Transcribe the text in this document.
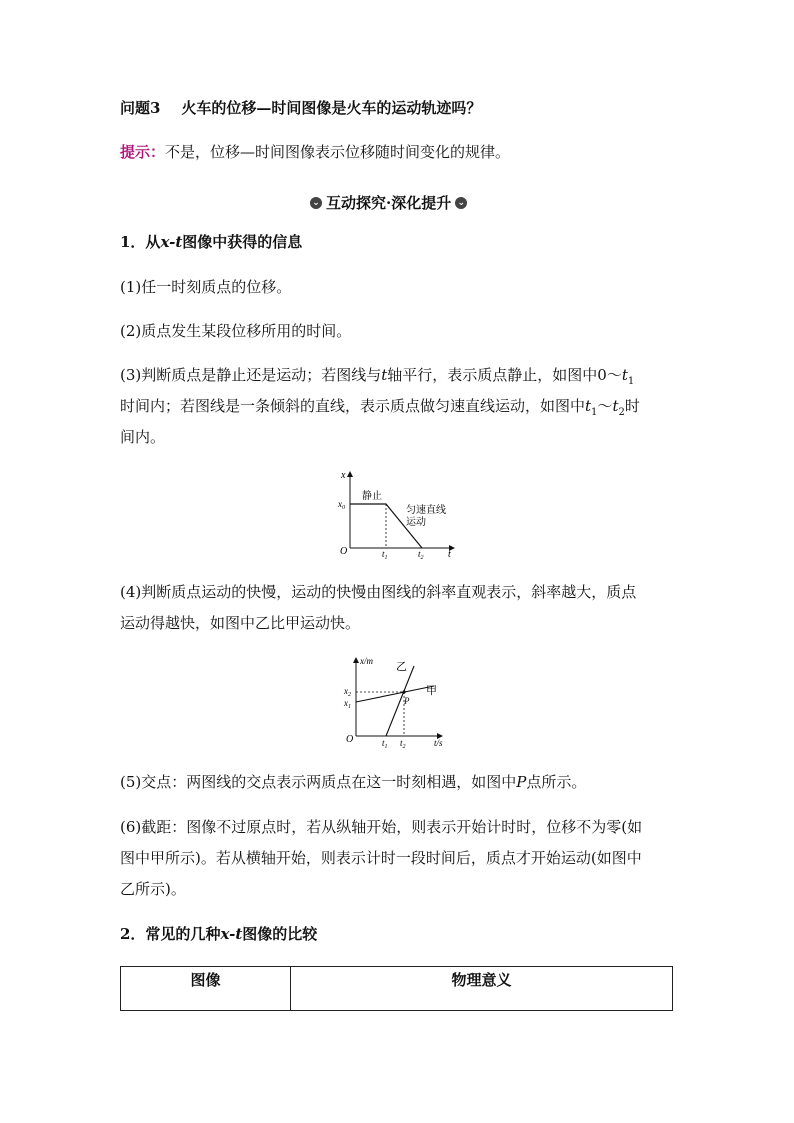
问题3 火车的位移—时间图像是火车的运动轨迹吗？
提示：不是，位移—时间图像表示位移随时间变化的规律。
⌄ 互动探究·深化提升 ⌄
1．从x-t图像中获得的信息
(1)任一时刻质点的位移。
(2)质点发生某段位移所用的时间。
(3)判断质点是静止还是运动；若图线与t轴平行，表示质点静止，如图中$0\sim t_1$
时间内；若图线是一条倾斜的直线，表示质点做匀速直线运动，如图中$t_1\sim t_2$时
间内。
x
t
O
$x_0$
$t_1$	$t_2$
静止
匀速直线
运动
(4)判断质点运动的快慢，运动的快慢由图线的斜率直观表示，斜率越大，质点
运动得越快，如图中乙比甲运动快。
x/m
t/s
O
$x_2$
$x_1$
$t_1$ $t_2$
乙
甲
P
(5)交点：两图线的交点表示两质点在这一时刻相遇，如图中P点所示。
(6)截距：图像不过原点时，若从纵轴开始，则表示开始计时时，位移不为零(如
图中甲所示)。若从横轴开始，则表示计时一段时间后，质点才开始运动(如图中
乙所示)。
2．常见的几种x-t图像的比较
图像	物理意义
